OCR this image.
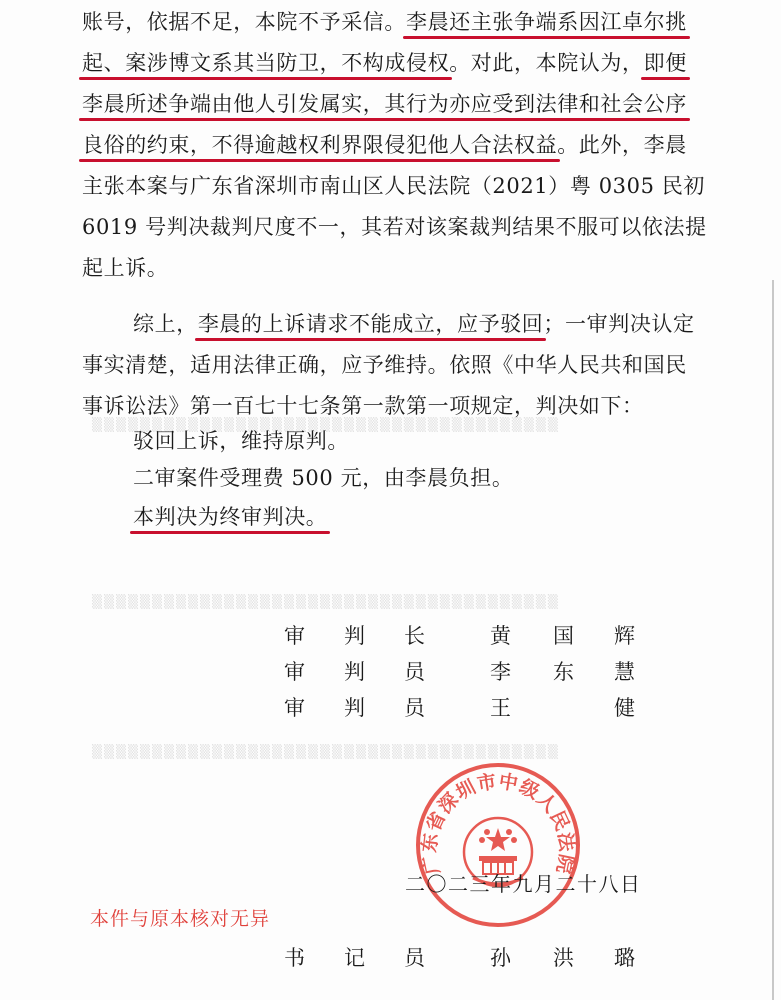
▒▒▒▒▒▒▒▒▒▒▒▒▒▒▒▒▒▒▒▒▒▒▒▒▒▒▒▒▒▒▒▒▒▒▒▒▒▒▒
▒▒▒▒▒▒▒▒▒▒▒▒▒▒▒▒▒▒▒▒▒▒▒▒▒▒▒▒▒▒▒▒▒▒▒▒▒▒▒
▒▒▒▒▒▒▒▒▒▒▒▒▒▒▒▒▒▒▒▒▒▒▒▒▒▒▒▒▒▒▒▒▒▒▒▒▒▒▒
账号，依据不足，本院不予采信。李晨还主张争端系因江卓尔挑
起、案涉博文系其当防卫，不构成侵权。对此，本院认为，即便
李晨所述争端由他人引发属实，其行为亦应受到法律和社会公序
良俗的约束，不得逾越权利界限侵犯他人合法权益。此外，李晨
主张本案与广东省深圳市南山区人民法院（2021）粤 0305 民初
6019 号判决裁判尺度不一，其若对该案裁判结果不服可以依法提
起上诉。
综上，李晨的上诉请求不能成立，应予驳回；一审判决认定
事实清楚，适用法律正确，应予维持。依照《中华人民共和国民
事诉讼法》第一百七十七条第一款第一项规定，判决如下：
驳回上诉，维持原判。
二审案件受理费 500 元，由李晨负担。
本判决为终审判决。
审 判 长	黄 国 辉
审 判 员	李 东 慧
审 判 员	王	健
广东省深圳市中级人民法院
二〇二三年九月二十八日
本件与原本核对无异
书 记 员	孙 洪 璐
